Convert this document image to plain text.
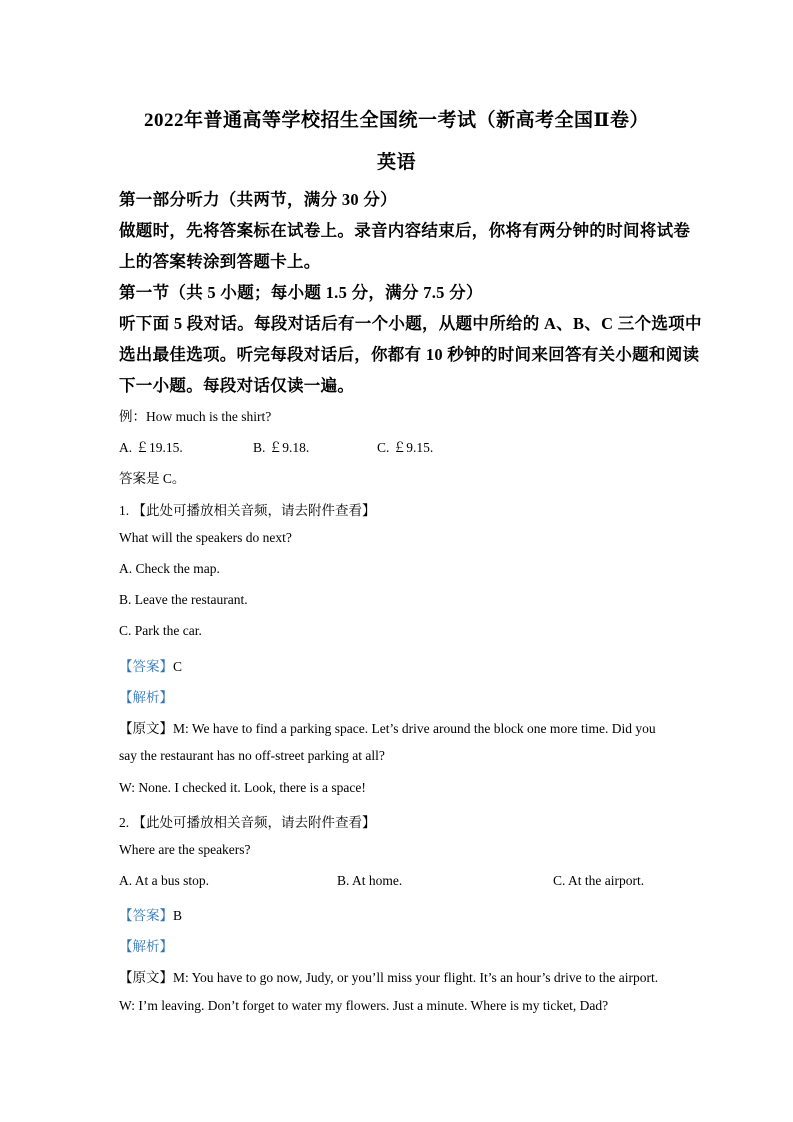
2022年普通高等学校招生全国统一考试（新高考全国Ⅱ卷）
英语
第一部分听力（共两节，满分 30 分）
做题时，先将答案标在试卷上。录音内容结束后，你将有两分钟的时间将试卷
上的答案转涂到答题卡上。
第一节（共 5 小题；每小题 1.5 分，满分 7.5 分）
听下面 5 段对话。每段对话后有一个小题，从题中所给的 A、B、C 三个选项中
选出最佳选项。听完每段对话后，你都有 10 秒钟的时间来回答有关小题和阅读
下一小题。每段对话仅读一遍。
例：How much is the shirt?
A. ￡19.15.	B. ￡9.18.	C. ￡9.15.
答案是 C。
1. 【此处可播放相关音频，请去附件查看】
What will the speakers do next?
A. Check the map.
B. Leave the restaurant.
C. Park the car.
【答案】C
【解析】
【原文】M: We have to find a parking space. Let’s drive around the block one more time. Did you
say the restaurant has no off-street parking at all?
W: None. I checked it. Look, there is a space!
2. 【此处可播放相关音频，请去附件查看】
Where are the speakers?
A. At a bus stop.	B. At home.	C. At the airport.
【答案】B
【解析】
【原文】M: You have to go now, Judy, or you’ll miss your flight. It’s an hour’s drive to the airport.
W: I’m leaving. Don’t forget to water my flowers. Just a minute. Where is my ticket, Dad?
